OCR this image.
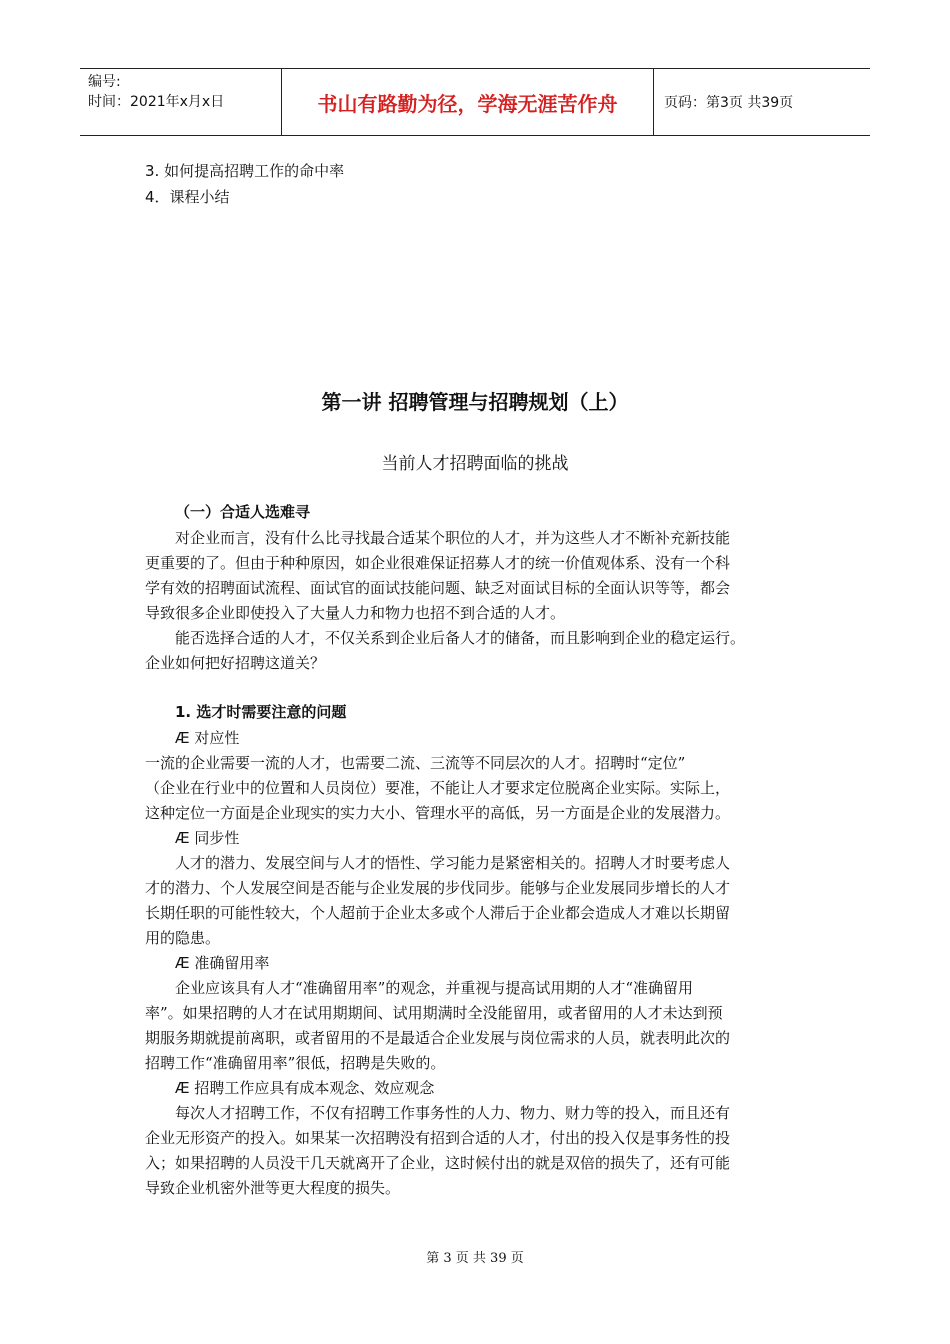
编号:
时间：2021年x月x日	书山有路勤为径，学海无涯苦作舟	页码：第3页 共39页
3. 如何提高招聘工作的命中率
4．课程小结
第一讲 招聘管理与招聘规划（上）
当前人才招聘面临的挑战
（一）合适人选难寻
对企业而言，没有什么比寻找最合适某个职位的人才，并为这些人才不断补充新技能
更重要的了。但由于种种原因，如企业很难保证招募人才的统一价值观体系、没有一个科
学有效的招聘面试流程、面试官的面试技能问题、缺乏对面试目标的全面认识等等，都会
导致很多企业即使投入了大量人力和物力也招不到合适的人才。
能否选择合适的人才，不仅关系到企业后备人才的储备，而且影响到企业的稳定运行。
企业如何把好招聘这道关？
1. 选才时需要注意的问题
Æ 对应性
一流的企业需要一流的人才，也需要二流、三流等不同层次的人才。招聘时“定位”
（企业在行业中的位置和人员岗位）要准，不能让人才要求定位脱离企业实际。实际上，
这种定位一方面是企业现实的实力大小、管理水平的高低，另一方面是企业的发展潜力。
Æ 同步性
人才的潜力、发展空间与人才的悟性、学习能力是紧密相关的。招聘人才时要考虑人
才的潜力、个人发展空间是否能与企业发展的步伐同步。能够与企业发展同步增长的人才
长期任职的可能性较大，个人超前于企业太多或个人滞后于企业都会造成人才难以长期留
用的隐患。
Æ 准确留用率
企业应该具有人才“准确留用率”的观念，并重视与提高试用期的人才“准确留用
率”。如果招聘的人才在试用期期间、试用期满时全没能留用，或者留用的人才未达到预
期服务期就提前离职，或者留用的不是最适合企业发展与岗位需求的人员，就表明此次的
招聘工作“准确留用率”很低，招聘是失败的。
Æ 招聘工作应具有成本观念、效应观念
每次人才招聘工作，不仅有招聘工作事务性的人力、物力、财力等的投入，而且还有
企业无形资产的投入。如果某一次招聘没有招到合适的人才，付出的投入仅是事务性的投
入；如果招聘的人员没干几天就离开了企业，这时候付出的就是双倍的损失了，还有可能
导致企业机密外泄等更大程度的损失。
第 3 页 共 39 页
